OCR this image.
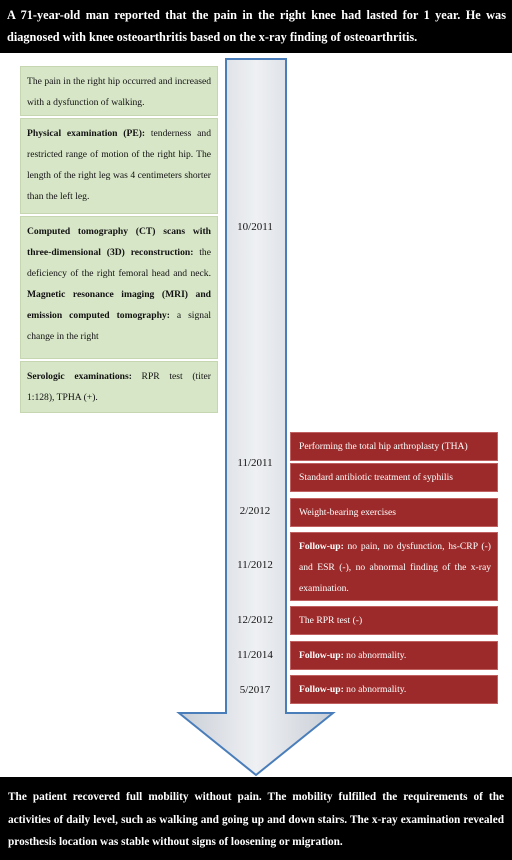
A 71-year-old man reported that the pain in the right knee had lasted for 1 year. He was diagnosed with knee osteoarthritis based on the x-ray finding of osteoarthritis.
The pain in the right hip occurred and increased with a dysfunction of walking.
Physical examination (PE): tenderness and restricted range of motion of the right hip. The length of the right leg was 4 centimeters shorter than the left leg.
Computed tomography (CT) scans with three-dimensional (3D) reconstruction: the deficiency of the right femoral head and neck. Magnetic resonance imaging (MRI) and emission computed tomography: a signal change in the right
Serologic examinations: RPR test (titer 1:128), TPHA (+).
10/2011
11/2011
2/2012
11/2012
12/2012
11/2014
5/2017
Performing the total hip arthroplasty (THA)
Standard antibiotic treatment of syphilis
Weight-bearing exercises
Follow-up: no pain, no dysfunction, hs-CRP (-) and ESR (-), no abnormal finding of the x-ray examination.
The RPR test (-)
Follow-up: no abnormality.
Follow-up: no abnormality.
The patient recovered full mobility without pain. The mobility fulfilled the requirements of the activities of daily level, such as walking and going up and down stairs. The x-ray examination revealed prosthesis location was stable without signs of loosening or migration.
